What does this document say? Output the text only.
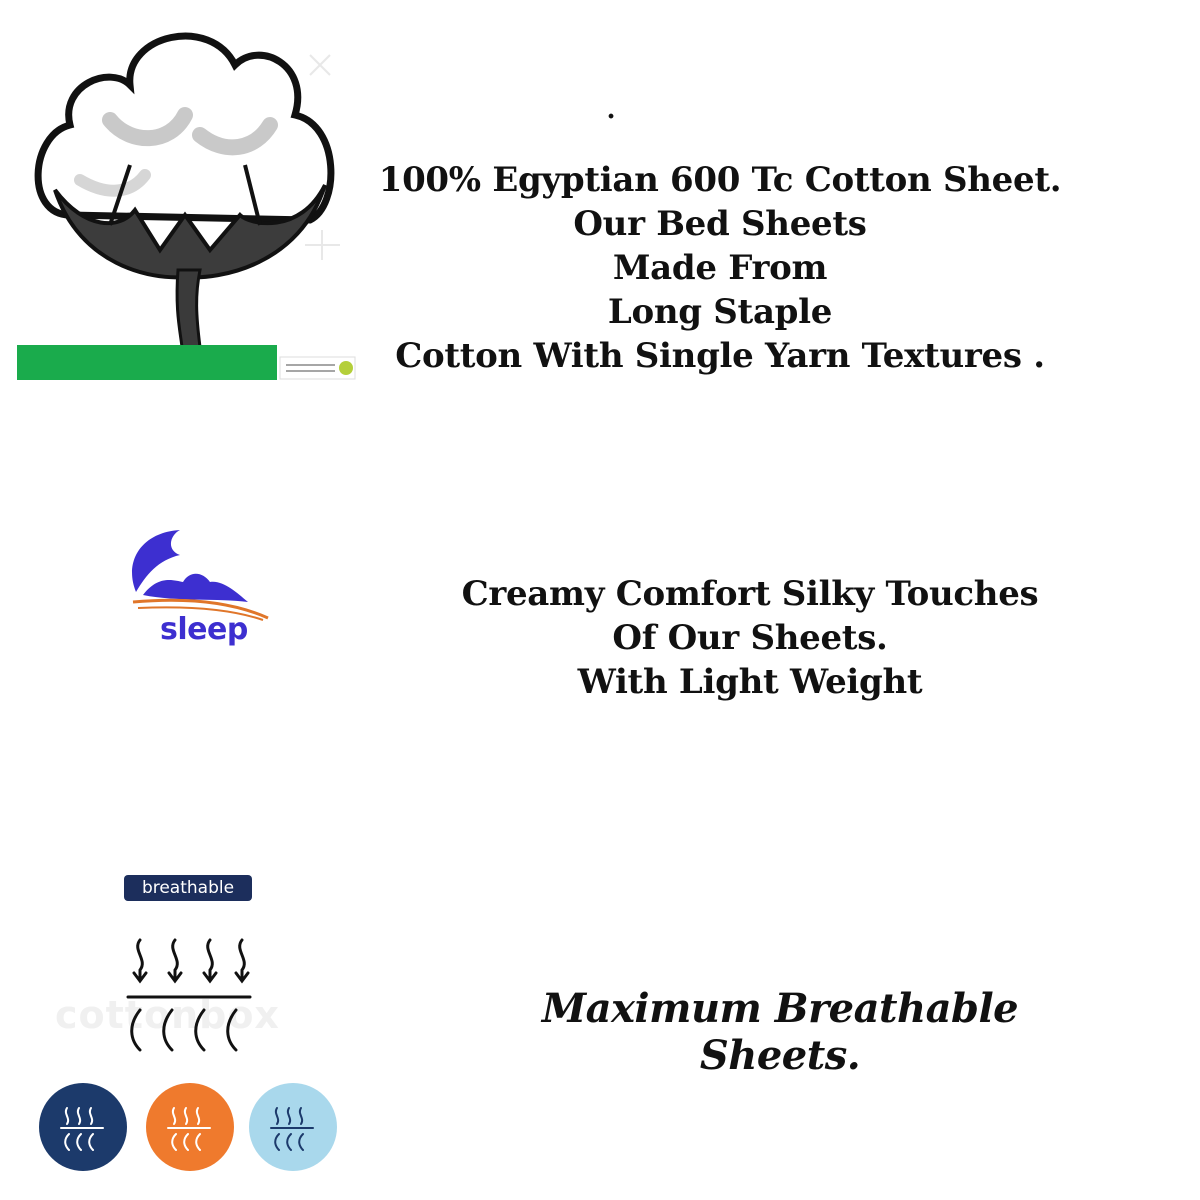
.
100% Egyptian 600 Tc Cotton Sheet.
Our Bed Sheets
Made From
Long Staple
Cotton With Single Yarn Textures .
sleep
Creamy Comfort Silky Touches
Of Our Sheets.
With Light Weight
breathable
cottonbox	Maximum Breathable Sheets.
